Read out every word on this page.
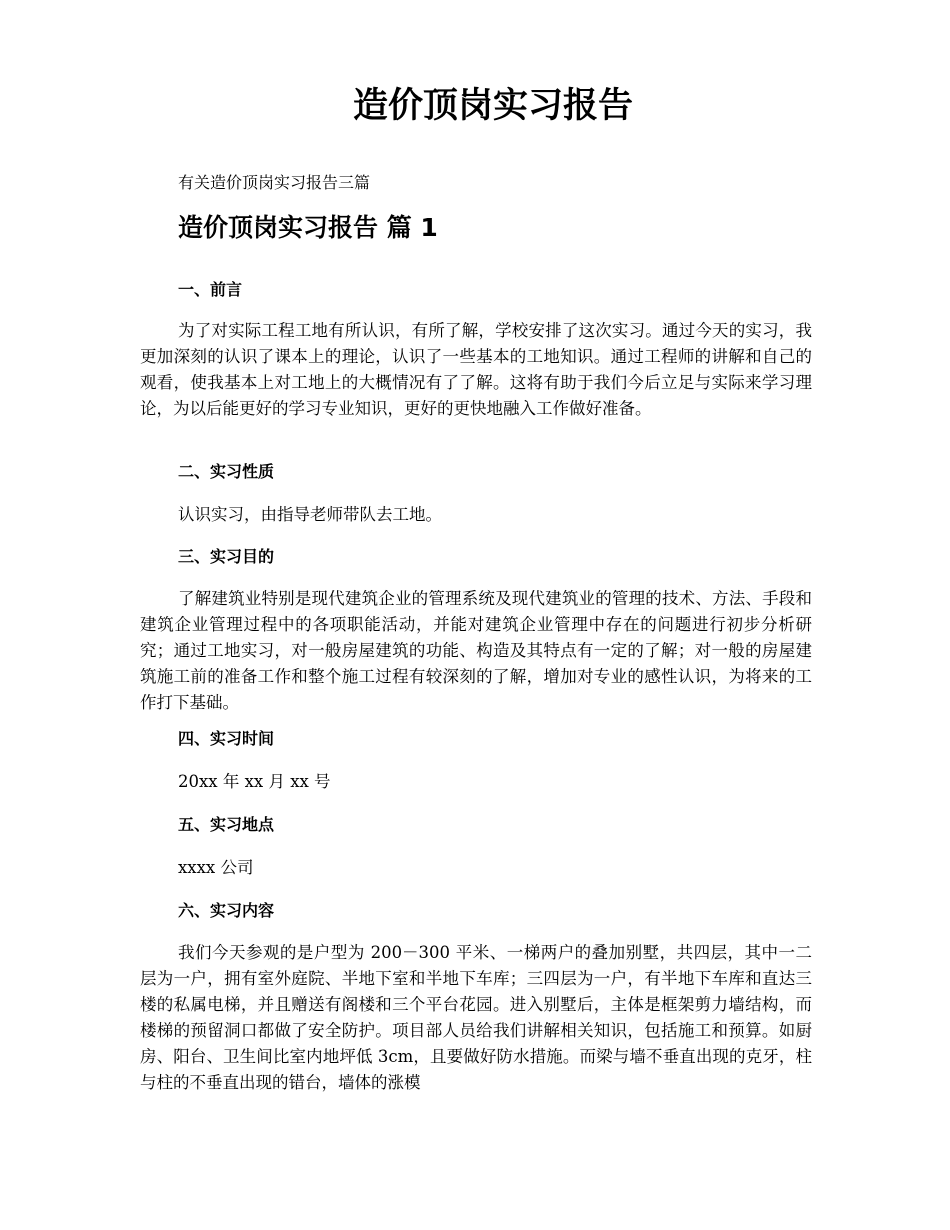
造价顶岗实习报告
有关造价顶岗实习报告三篇
造价顶岗实习报告 篇 1
一、前言

为了对实际工程工地有所认识，有所了解，学校安排了这次实习。通过今天的实习，我更加深刻的认识了课本上的理论，认识了一些基本的工地知识。通过工程师的讲解和自己的观看，使我基本上对工地上的大概情况有了了解。这将有助于我们今后立足与实际来学习理论，为以后能更好的学习专业知识，更好的更快地融入工作做好准备。

二、实习性质

认识实习，由指导老师带队去工地。

三、实习目的

了解建筑业特别是现代建筑企业的管理系统及现代建筑业的管理的技术、方法、手段和建筑企业管理过程中的各项职能活动，并能对建筑企业管理中存在的问题进行初步分析研究；通过工地实习，对一般房屋建筑的功能、构造及其特点有一定的了解；对一般的房屋建筑施工前的准备工作和整个施工过程有较深刻的了解，增加对专业的感性认识，为将来的工作打下基础。

四、实习时间

20xx 年 xx 月 xx 号

五、实习地点

xxxx 公司

六、实习内容

我们今天参观的是户型为 200－300 平米、一梯两户的叠加别墅，共四层，其中一二层为一户，拥有室外庭院、半地下室和半地下车库；三四层为一户，有半地下车库和直达三楼的私属电梯，并且赠送有阁楼和三个平台花园。进入别墅后，主体是框架剪力墙结构，而楼梯的预留洞口都做了安全防护。项目部人员给我们讲解相关知识，包括施工和预算。如厨房、阳台、卫生间比室内地坪低 3cm，且要做好防水措施。而梁与墙不垂直出现的克牙，柱与柱的不垂直出现的错台，墙体的涨模
